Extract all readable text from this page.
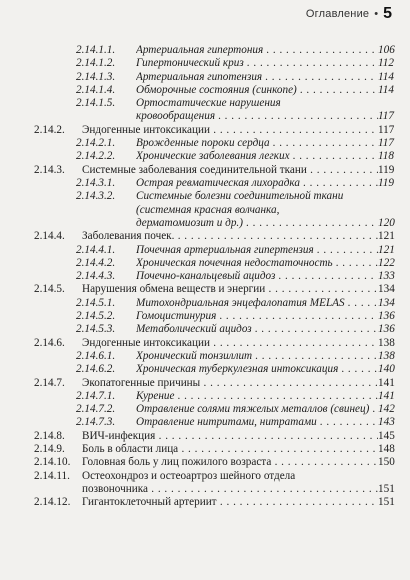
Оглавление • 5
2.14.1.1. Артериальная гипертония . . .	106
2.14.1.2. Гипертонический криз . . .	112
2.14.1.3. Артериальная гипотензия . . .	114
2.14.1.4. Обморочные состояния (синкопе) . . .	114
2.14.1.5. Ортостатические нарушения
кровообращения . . .	117
2.14.2. Эндогенные интоксикации . . .	117
2.14.2.1. Врожденные пороки сердца . . .	117
2.14.2.2. Хронические заболевания легких . . .	118
2.14.3. Системные заболевания соединительной ткани . . .	119
2.14.3.1. Острая ревматическая лихорадка . . .	119
2.14.3.2. Системные болезни соединительной ткани
(системная красная волчанка,
дерматомиозит и др.) . . .	120
2.14.4. Заболевания почек. . . .	121
2.14.4.1. Почечная артериальная гипертензия . . .	121
2.14.4.2. Хроническая почечная недостаточность . . .	122
2.14.4.3. Почечно-канальцевый ацидоз . . .	133
2.14.5. Нарушения обмена веществ и энергии . . .	134
2.14.5.1. Митохондриальная энцефалопатия MELAS . . .	134
2.14.5.2. Гомоцистинурия . . .	136
2.14.5.3. Метаболический ацидоз . . .	136
2.14.6. Эндогенные интоксикации . . .	138
2.14.6.1. Хронический тонзиллит . . .	138
2.14.6.2. Хроническая туберкулезная интоксикация . . .	140
2.14.7. Экопатогенные причины . . .	141
2.14.7.1. Курение . . .	141
2.14.7.2. Отравление солями тяжелых металлов (свинец) . . . 142
2.14.7.3. Отравление нитритами, нитратами . . .	143
2.14.8. ВИЧ-инфекция . . .	145
2.14.9. Боль в области лица . . .	148
2.14.10. Головная боль у лиц пожилого возраста . . .	150
2.14.11. Остеохондроз и остеоартроз шейного отдела
позвоночника . . .	151
2.14.12. Гигантоклеточный артериит . . .	151
